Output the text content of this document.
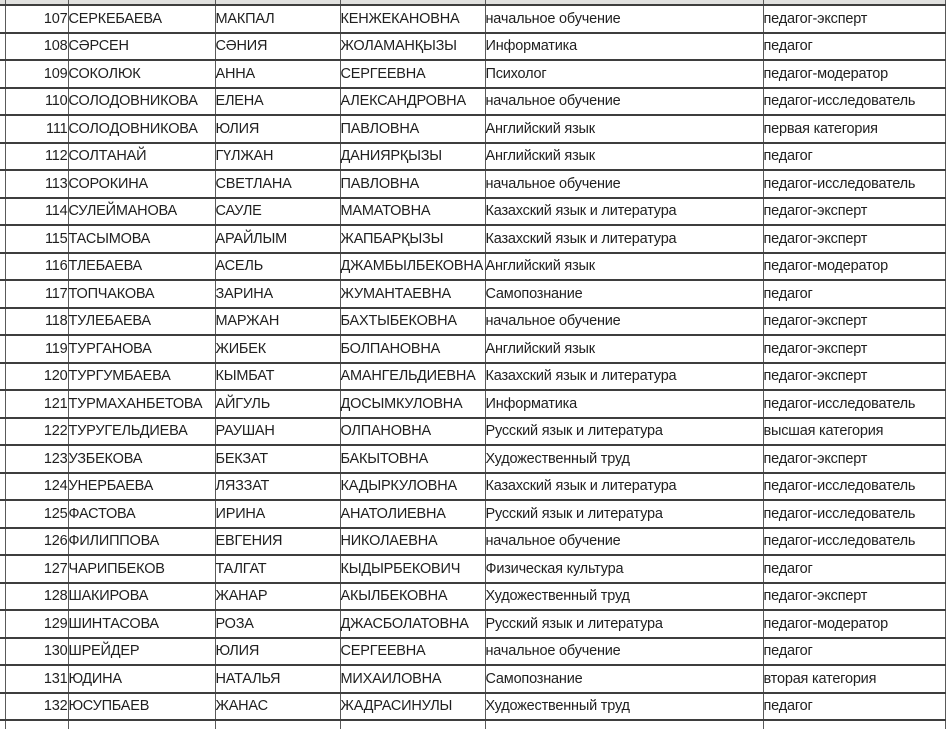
	107	СЕРКЕБАЕВА	МАКПАЛ	КЕНЖЕКАНОВНА	начальное обучение	педагог-эксперт
	108	СӘРСЕН	СӘНИЯ	ЖОЛАМАНҚЫЗЫ	Информатика	педагог
	109	СОКОЛЮК	АННА	СЕРГЕЕВНА	Психолог	педагог-модератор
	110	СОЛОДОВНИКОВА	ЕЛЕНА	АЛЕКСАНДРОВНА	начальное обучение	педагог-исследователь
	111	СОЛОДОВНИКОВА	ЮЛИЯ	ПАВЛОВНА	Английский язык	первая категория
	112	СОЛТАНАЙ	ГҮЛЖАН	ДАНИЯРҚЫЗЫ	Английский язык	педагог
	113	СОРОКИНА	СВЕТЛАНА	ПАВЛОВНА	начальное обучение	педагог-исследователь
	114	СУЛЕЙМАНОВА	САУЛЕ	МАМАТОВНА	Казахский язык и литература	педагог-эксперт
	115	ТАСЫМОВА	АРАЙЛЫМ	ЖАПБАРҚЫЗЫ	Казахский язык и литература	педагог-эксперт
	116	ТЛЕБАЕВА	АСЕЛЬ	ДЖАМБЫЛБЕКОВНА	Английский язык	педагог-модератор
	117	ТОПЧАКОВА	ЗАРИНА	ЖУМАНТАЕВНА	Самопознание	педагог
	118	ТУЛЕБАЕВА	МАРЖАН	БАХТЫБЕКОВНА	начальное обучение	педагог-эксперт
	119	ТУРГАНОВА	ЖИБЕК	БОЛПАНОВНА	Английский язык	педагог-эксперт
	120	ТУРГУМБАЕВА	КЫМБАТ	АМАНГЕЛЬДИЕВНА	Казахский язык и литература	педагог-эксперт
	121	ТУРМАХАНБЕТОВА	АЙГУЛЬ	ДОСЫМКУЛОВНА	Информатика	педагог-исследователь
	122	ТУРУГЕЛЬДИЕВА	РАУШАН	ОЛПАНОВНА	Русский язык и литература	высшая категория
	123	УЗБЕКОВА	БЕКЗАТ	БАКЫТОВНА	Художественный труд	педагог-эксперт
	124	УНЕРБАЕВА	ЛЯЗЗАТ	КАДЫРКУЛОВНА	Казахский язык и литература	педагог-исследователь
	125	ФАСТОВА	ИРИНА	АНАТОЛИЕВНА	Русский язык и литература	педагог-исследователь
	126	ФИЛИППОВА	ЕВГЕНИЯ	НИКОЛАЕВНА	начальное обучение	педагог-исследователь
	127	ЧАРИПБЕКОВ	ТАЛГАТ	КЫДЫРБЕКОВИЧ	Физическая культура	педагог
	128	ШАКИРОВА	ЖАНАР	АКЫЛБЕКОВНА	Художественный труд	педагог-эксперт
	129	ШИНТАСОВА	РОЗА	ДЖАСБОЛАТОВНА	Русский язык и литература	педагог-модератор
	130	ШРЕЙДЕР	ЮЛИЯ	СЕРГЕЕВНА	начальное обучение	педагог
	131	ЮДИНА	НАТАЛЬЯ	МИХАИЛОВНА	Самопознание	вторая категория
	132	ЮСУПБАЕВ	ЖАНАС	ЖАДРАСИНУЛЫ	Художественный труд	педагог
